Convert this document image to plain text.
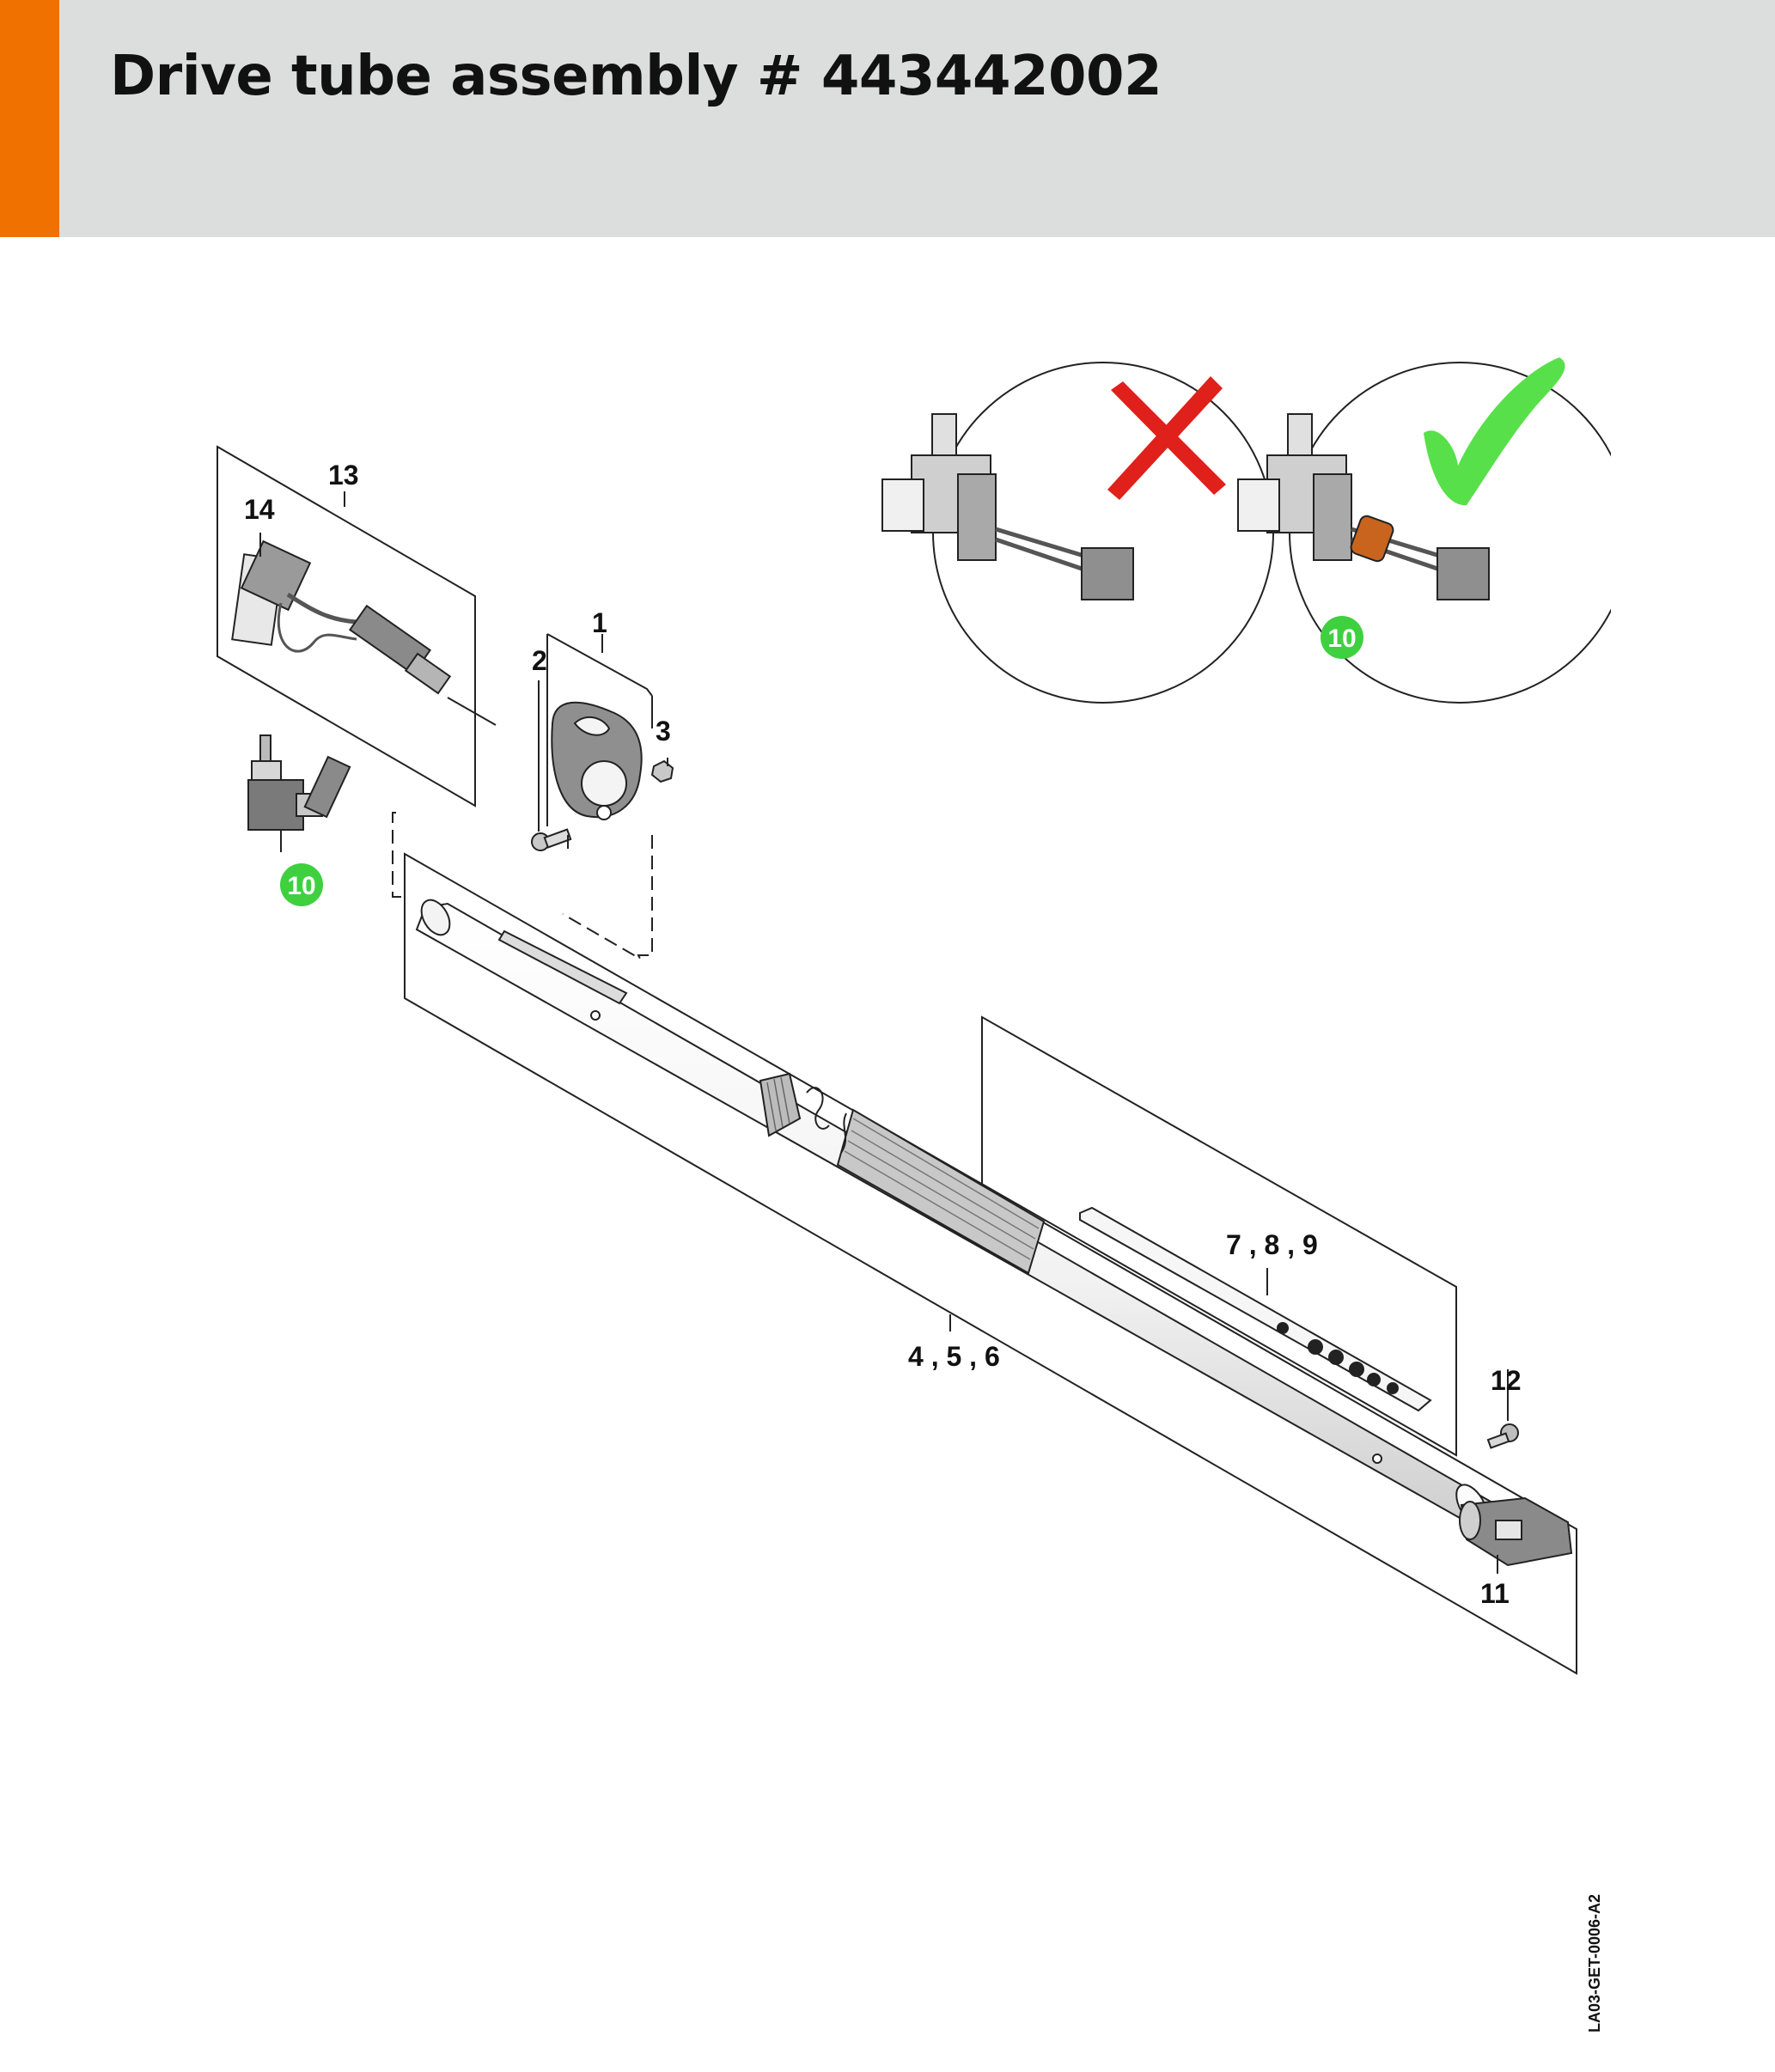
Drive tube assembly # 443442002
13
14
1
2
3
4 , 5 , 6
7 , 8 , 9
12
11
10
10
LA03-GET-0006-A2
